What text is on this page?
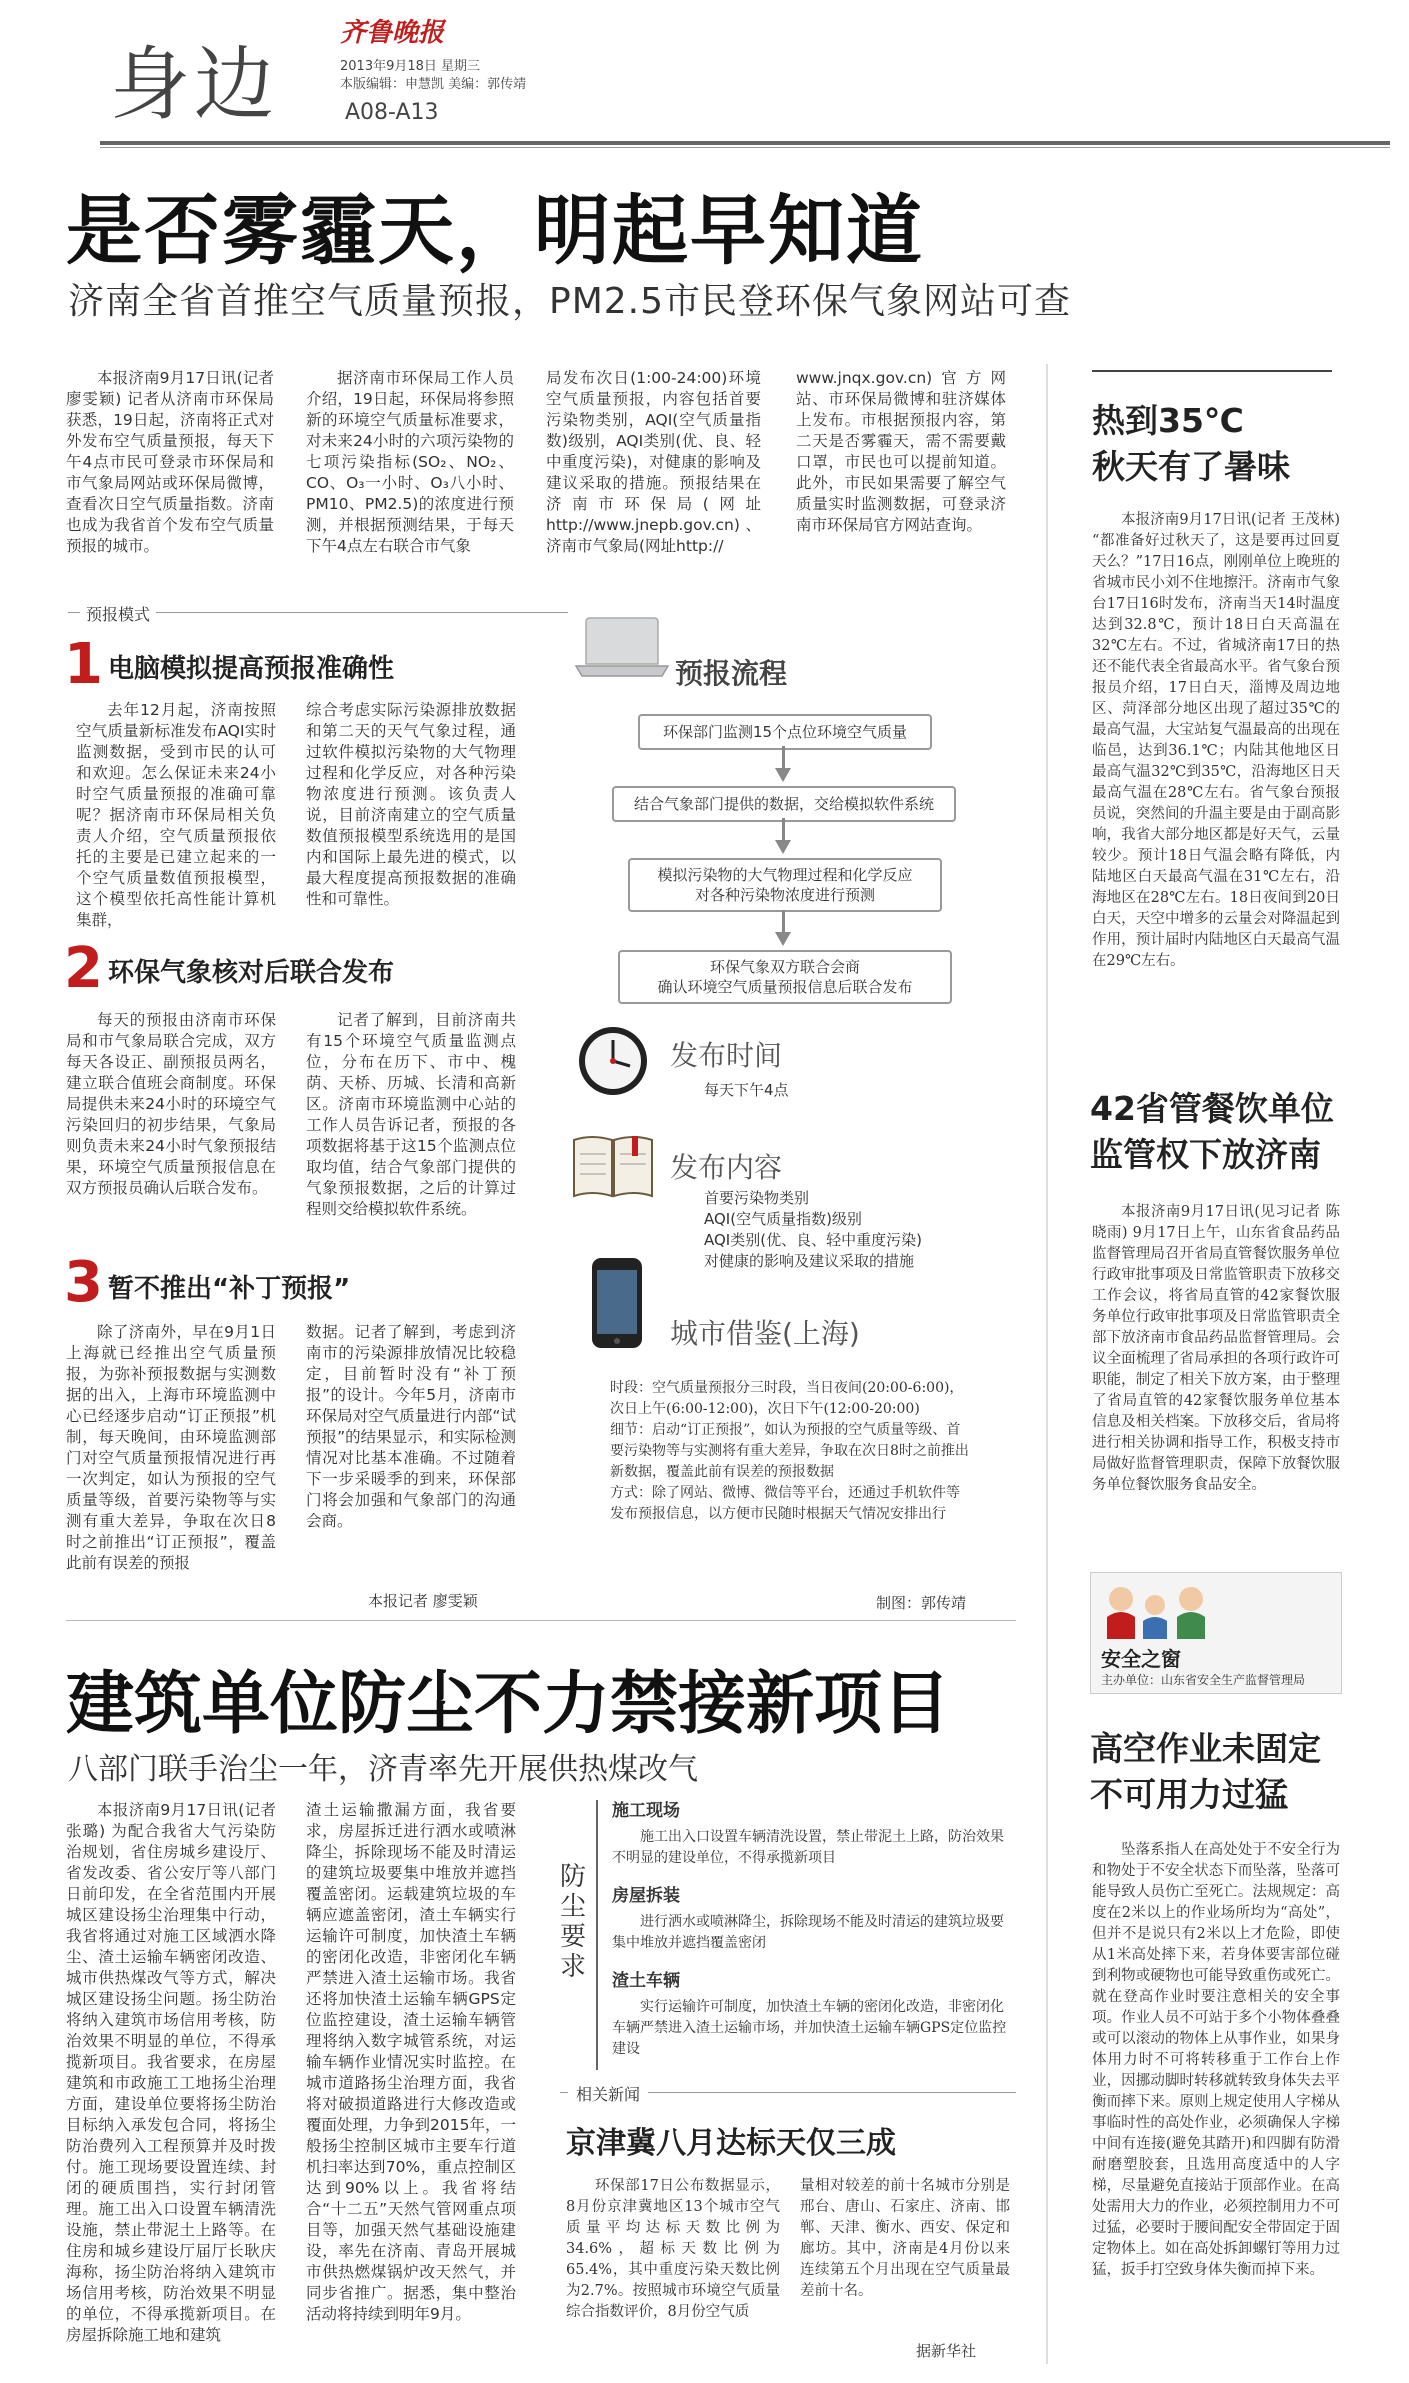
身边
齐鲁晚报
2013年9月18日 星期三
本版编辑：申慧凯 美编：郭传靖
A08-A13
是否雾霾天，明起早知道
济南全省首推空气质量预报，PM2.5市民登环保气象网站可查

本报济南9月17日讯(记者 廖雯颖) 记者从济南市环保局获悉，19日起，济南将正式对外发布空气质量预报，每天下午4点市民可登录市环保局和市气象局网站或环保局微博，查看次日空气质量指数。济南也成为我省首个发布空气质量预报的城市。

据济南市环保局工作人员介绍，19日起，环保局将参照新的环境空气质量标准要求，对未来24小时的六项污染物的七项污染指标(SO₂、NO₂、CO、O₃一小时、O₃八小时、PM10、PM2.5)的浓度进行预测，并根据预测结果，于每天下午4点左右联合市气象

局发布次日(1:00-24:00)环境空气质量预报，内容包括首要污染物类别，AQI(空气质量指数)级别，AQI类别(优、良、轻中重度污染)，对健康的影响及建议采取的措施。预报结果在济南市环保局(网址http://www.jnepb.gov.cn)、济南市气象局(网址http://

www.jnqx.gov.cn)官方网站、市环保局微博和驻济媒体上发布。市根据预报内容，第二天是否雾霾天，需不需要戴口罩，市民也可以提前知道。此外，市民如果需要了解空气质量实时监测数据，可登录济南市环保局官方网站查询。

预报模式
1 电脑模拟提高预报准确性

去年12月起，济南按照空气质量新标准发布AQI实时监测数据，受到市民的认可和欢迎。怎么保证未来24小时空气质量预报的准确可靠呢？据济南市环保局相关负责人介绍，空气质量预报依托的主要是已建立起来的一个空气质量数值预报模型，这个模型依托高性能计算机集群，

综合考虑实际污染源排放数据和第二天的天气气象过程，通过软件模拟污染物的大气物理过程和化学反应，对各种污染物浓度进行预测。该负责人说，目前济南建立的空气质量数值预报模型系统选用的是国内和国际上最先进的模式，以最大程度提高预报数据的准确性和可靠性。

2 环保气象核对后联合发布

每天的预报由济南市环保局和市气象局联合完成，双方每天各设正、副预报员两名，建立联合值班会商制度。环保局提供未来24小时的环境空气污染回归的初步结果，气象局则负责未来24小时气象预报结果，环境空气质量预报信息在双方预报员确认后联合发布。

记者了解到，目前济南共有15个环境空气质量监测点位，分布在历下、市中、槐荫、天桥、历城、长清和高新区。济南市环境监测中心站的工作人员告诉记者，预报的各项数据将基于这15个监测点位取均值，结合气象部门提供的气象预报数据，之后的计算过程则交给模拟软件系统。

3 暂不推出“补丁预报”

除了济南外，早在9月1日上海就已经推出空气质量预报，为弥补预报数据与实测数据的出入，上海市环境监测中心已经逐步启动“订正预报”机制，每天晚间，由环境监测部门对空气质量预报情况进行再一次判定，如认为预报的空气质量等级，首要污染物等与实测有重大差异，争取在次日8时之前推出“订正预报”，覆盖此前有误差的预报

数据。记者了解到，考虑到济南市的污染源排放情况比较稳定，目前暂时没有“补丁预报”的设计。今年5月，济南市环保局对空气质量进行内部“试预报”的结果显示，和实际检测情况对比基本准确。不过随着下一步采暖季的到来，环保部门将会加强和气象部门的沟通会商。

本报记者 廖雯颖
预报流程
环保部门监测15个点位环境空气质量
结合气象部门提供的数据，交给模拟软件系统
模拟污染物的大气物理过程和化学反应
对各种污染物浓度进行预测
环保气象双方联合会商
确认环境空气质量预报信息后联合发布
发布时间
每天下午4点
发布内容
首要污染物类别
AQI(空气质量指数)级别
AQI类别(优、良、轻中重度污染)
对健康的影响及建议采取的措施
城市借鉴(上海)
时段：空气质量预报分三时段，当日夜间(20:00-6:00)，次日上午(6:00-12:00)，次日下午(12:00-20:00)
细节：启动“订正预报”，如认为预报的空气质量等级、首要污染物等与实测将有重大差异，争取在次日8时之前推出新数据，覆盖此前有误差的预报数据
方式：除了网站、微博、微信等平台，还通过手机软件等发布预报信息，以方便市民随时根据天气情况安排出行
制图：郭传靖
建筑单位防尘不力禁接新项目
八部门联手治尘一年，济青率先开展供热煤改气

本报济南9月17日讯(记者 张璐) 为配合我省大气污染防治规划，省住房城乡建设厅、省发改委、省公安厅等八部门日前印发，在全省范围内开展城区建设扬尘治理集中行动，我省将通过对施工区域洒水降尘、渣土运输车辆密闭改造、城市供热煤改气等方式，解决城区建设扬尘问题。扬尘防治将纳入建筑市场信用考核，防治效果不明显的单位，不得承揽新项目。我省要求，在房屋建筑和市政施工工地扬尘治理方面，建设单位要将扬尘防治目标纳入承发包合同，将扬尘防治费列入工程预算并及时拨付。施工现场要设置连续、封闭的硬质围挡，实行封闭管理。施工出入口设置车辆清洗设施，禁止带泥土上路等。在住房和城乡建设厅届厅长耿庆海称，扬尘防治将纳入建筑市场信用考核，防治效果不明显的单位，不得承揽新项目。在房屋拆除施工地和建筑

渣土运输撒漏方面，我省要求，房屋拆迁进行洒水或喷淋降尘，拆除现场不能及时清运的建筑垃圾要集中堆放并遮挡覆盖密闭。运载建筑垃圾的车辆应遮盖密闭，渣土车辆实行运输许可制度，加快渣土车辆的密闭化改造，非密闭化车辆严禁进入渣土运输市场。我省还将加快渣土运输车辆GPS定位监控建设，渣土运输车辆管理将纳入数字城管系统，对运输车辆作业情况实时监控。在城市道路扬尘治理方面，我省将对破损道路进行大修改造或覆面处理，力争到2015年，一般扬尘控制区城市主要车行道机扫率达到70%，重点控制区达到90%以上。我省将结合“十二五”天然气管网重点项目等，加强天然气基础设施建设，率先在济南、青岛开展城市供热燃煤锅炉改天然气，并同步省推广。据悉，集中整治活动将持续到明年9月。

防尘要求
施工现场
施工出入口设置车辆清洗设置，禁止带泥土上路，防治效果不明显的建设单位，不得承揽新项目
房屋拆装
进行洒水或喷淋降尘，拆除现场不能及时清运的建筑垃圾要集中堆放并遮挡覆盖密闭
渣土车辆
实行运输许可制度，加快渣土车辆的密闭化改造，非密闭化车辆严禁进入渣土运输市场，并加快渣土运输车辆GPS定位监控建设
相关新闻
京津冀八月达标天仅三成

环保部17日公布数据显示，8月份京津冀地区13个城市空气质量平均达标天数比例为34.6%，超标天数比例为65.4%，其中重度污染天数比例为2.7%。按照城市环境空气质量综合指数评价，8月份空气质

量相对较差的前十名城市分别是邢台、唐山、石家庄、济南、邯郸、天津、衡水、西安、保定和廊坊。其中，济南是4月份以来连续第五个月出现在空气质量最差前十名。

据新华社
热到35℃
秋天有了暑味

本报济南9月17日讯(记者 王茂林) “都准备好过秋天了，这是要再过回夏天么？”17日16点，刚刚单位上晚班的省城市民小刘不住地擦汗。济南市气象台17日16时发布，济南当天14时温度达到32.8℃，预计18日白天高温在32℃左右。不过，省城济南17日的热还不能代表全省最高水平。省气象台预报员介绍，17日白天，淄博及周边地区、菏泽部分地区出现了超过35℃的最高气温，大宝站复气温最高的出现在临邑，达到36.1℃；内陆其他地区日最高气温32℃到35℃，沿海地区日天最高气温在28℃左右。省气象台预报员说，突然间的升温主要是由于副高影响，我省大部分地区都是好天气，云量较少。预计18日气温会略有降低，内陆地区白天最高气温在31℃左右，沿海地区在28℃左右。18日夜间到20日白天，天空中增多的云量会对降温起到作用，预计届时内陆地区白天最高气温在29℃左右。

42省管餐饮单位
监管权下放济南

本报济南9月17日讯(见习记者 陈晓雨) 9月17日上午，山东省食品药品监督管理局召开省局直管餐饮服务单位行政审批事项及日常监管职责下放移交工作会议，将省局直管的42家餐饮服务单位行政审批事项及日常监管职责全部下放济南市食品药品监督管理局。会议全面梳理了省局承担的各项行政许可职能，制定了相关下放方案，由于整理了省局直管的42家餐饮服务单位基本信息及相关档案。下放移交后，省局将进行相关协调和指导工作，积极支持市局做好监督管理职责，保障下放餐饮服务单位餐饮服务食品安全。

安全之窗
主办单位：山东省安全生产监督管理局
高空作业未固定
不可用力过猛

坠落系指人在高处处于不安全行为和物处于不安全状态下而坠落，坠落可能导致人员伤亡至死亡。法规规定：高度在2米以上的作业场所均为“高处”，但并不是说只有2米以上才危险，即使从1米高处摔下来，若身体要害部位碰到利物或硬物也可能导致重伤或死亡。就在登高作业时要注意相关的安全事项。作业人员不可站于多个小物体叠叠或可以滚动的物体上从事作业，如果身体用力时不可将转移重于工作台上作业，因挪动脚时转移就转致身体失去平衡而摔下来。原则上规定使用人字梯从事临时性的高处作业，必须确保人字梯中间有连接(避免其踏开)和四脚有防滑耐磨塑胶套，且选用高度适中的人字梯，尽量避免直接站于顶部作业。在高处需用大力的作业，必须控制用力不可过猛，必要时于腰间配安全带固定于固定物体上。如在高处拆卸螺钉等用力过猛，扳手打空致身体失衡而掉下来。
